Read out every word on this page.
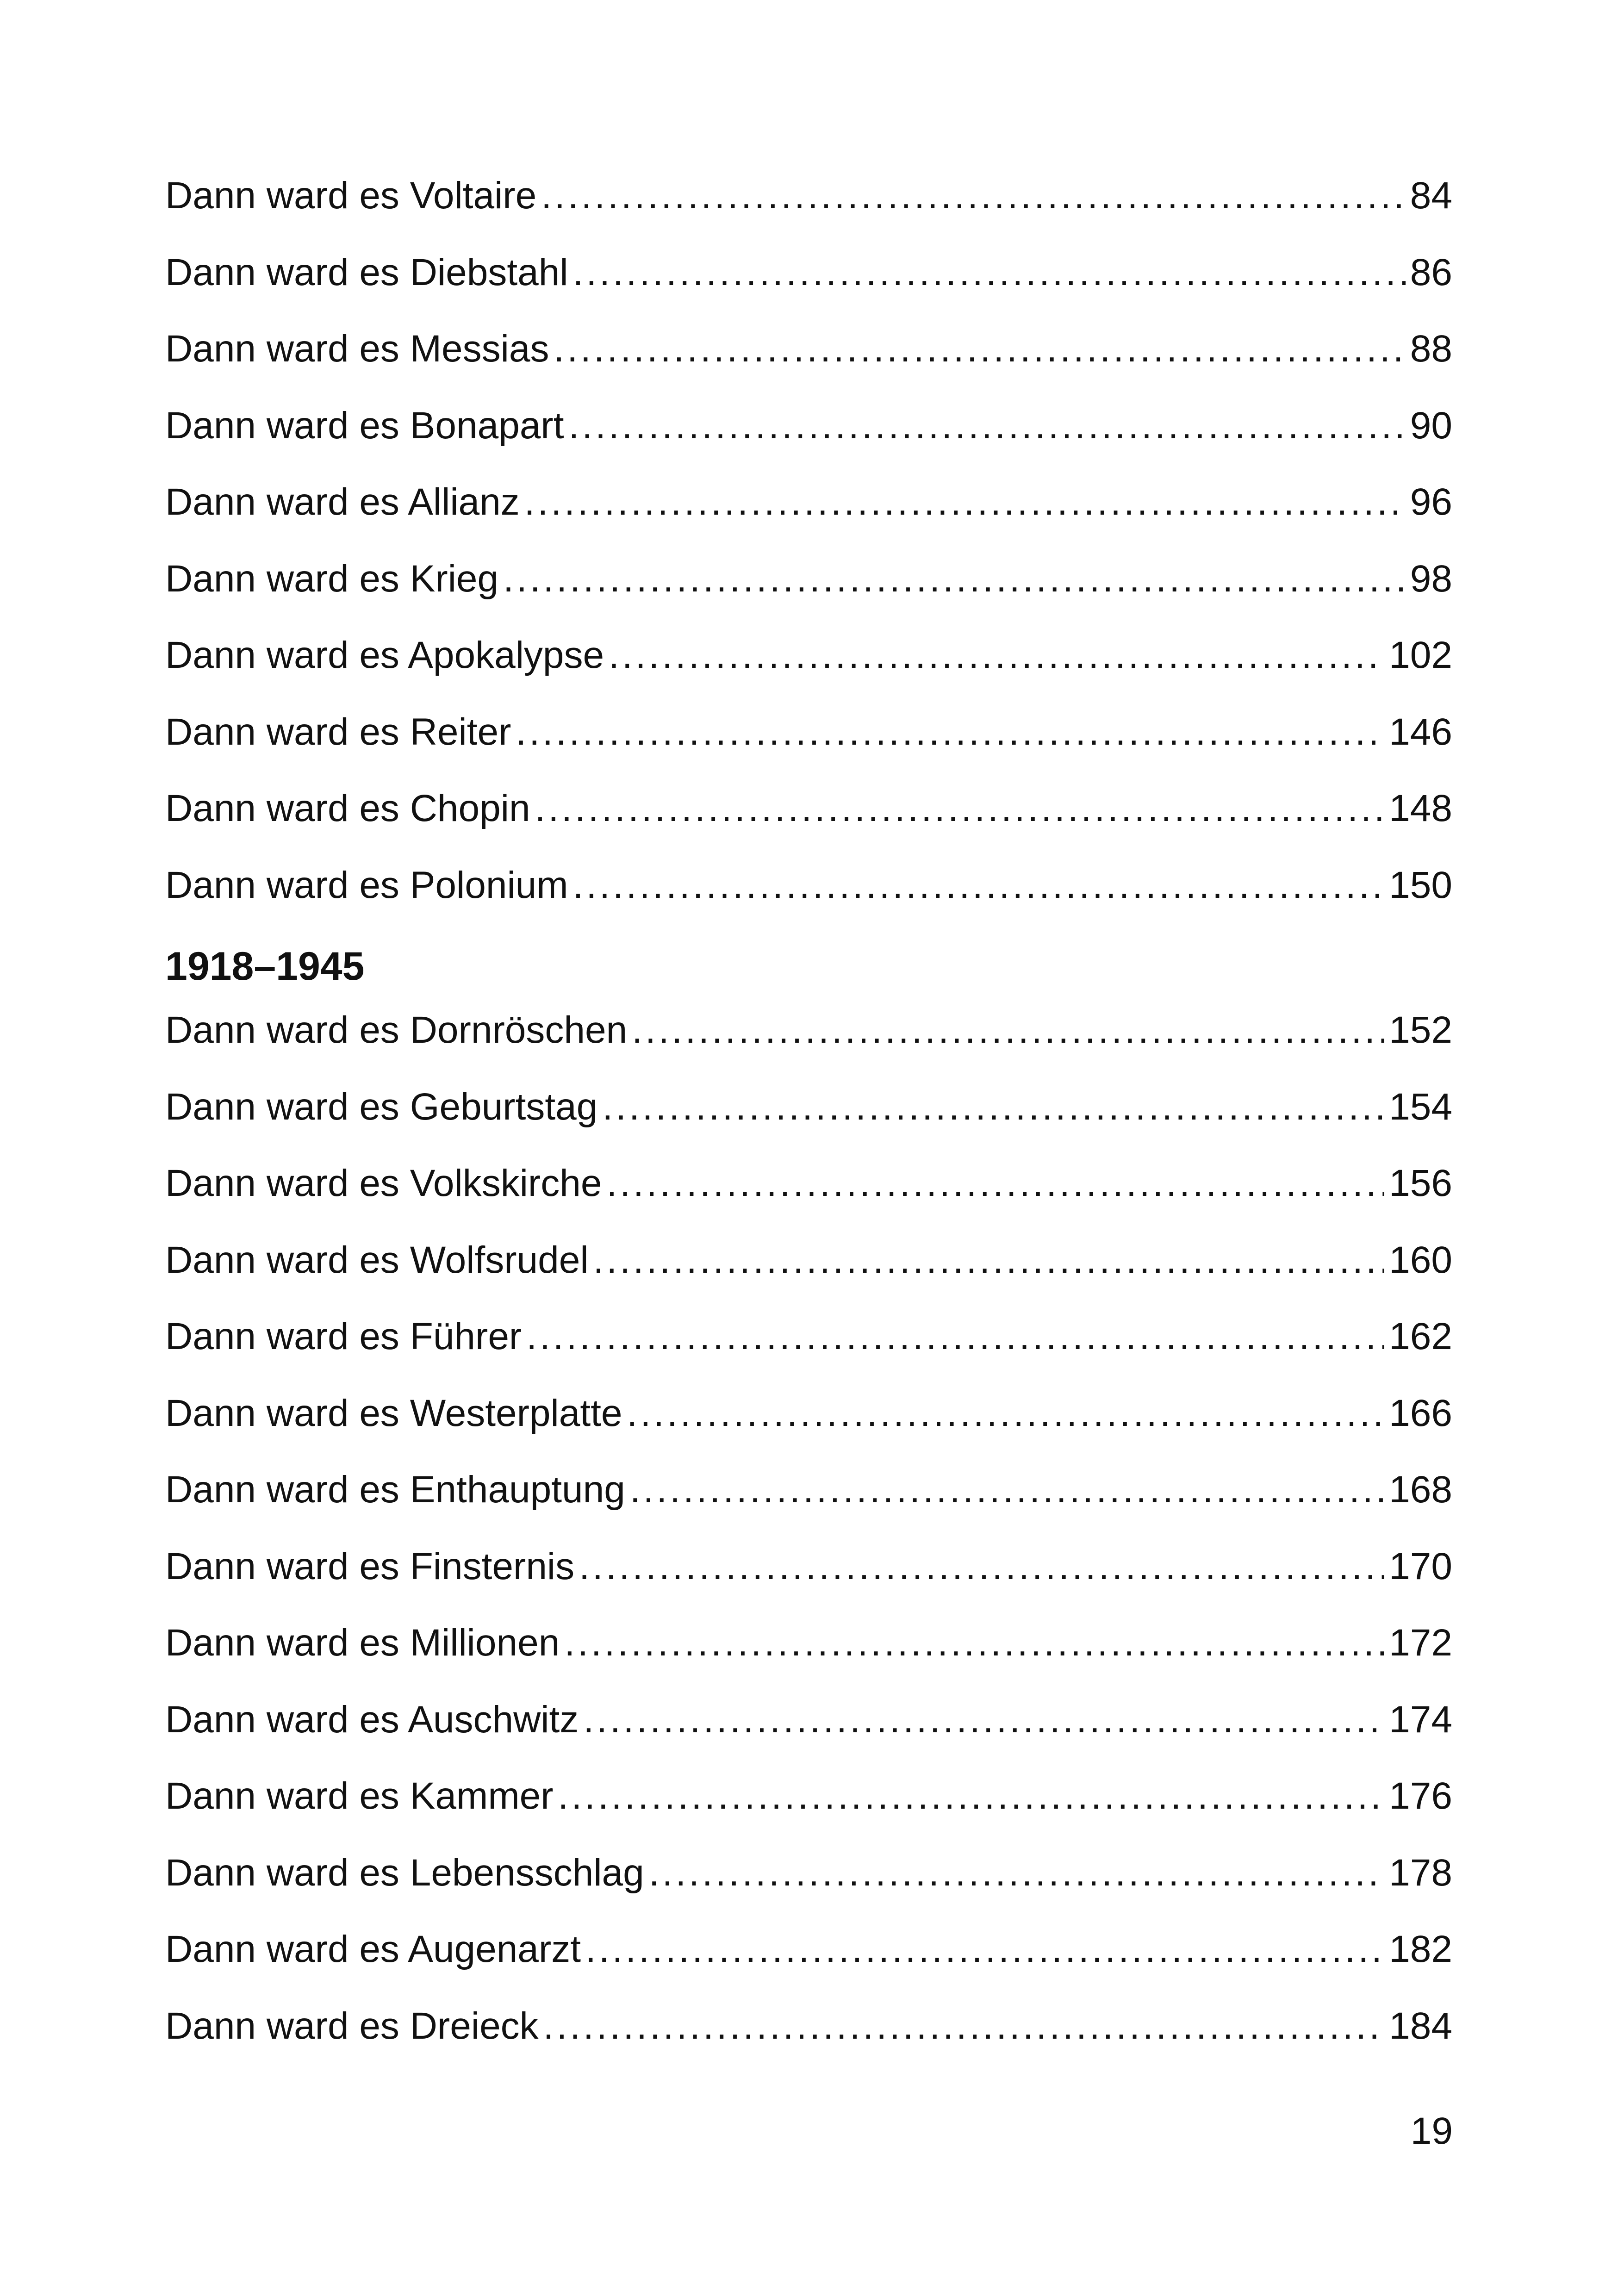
Dann ward es Voltaire .....	84
Dann ward es Diebstahl .....	86
Dann ward es Messias .....	88
Dann ward es Bonapart .....	90
Dann ward es Allianz .....	96
Dann ward es Krieg .....	98
Dann ward es Apokalypse .....	102
Dann ward es Reiter .....	146
Dann ward es Chopin .....	148
Dann ward es Polonium .....	150
1918–1945
Dann ward es Dornröschen .....	152
Dann ward es Geburtstag .....	154
Dann ward es Volkskirche .....	156
Dann ward es Wolfsrudel .....	160
Dann ward es Führer .....	162
Dann ward es Westerplatte .....	166
Dann ward es Enthauptung .....	168
Dann ward es Finsternis .....	170
Dann ward es Millionen .....	172
Dann ward es Auschwitz .....	174
Dann ward es Kammer .....	176
Dann ward es Lebensschlag .....	178
Dann ward es Augenarzt .....	182
Dann ward es Dreieck .....	184
19
